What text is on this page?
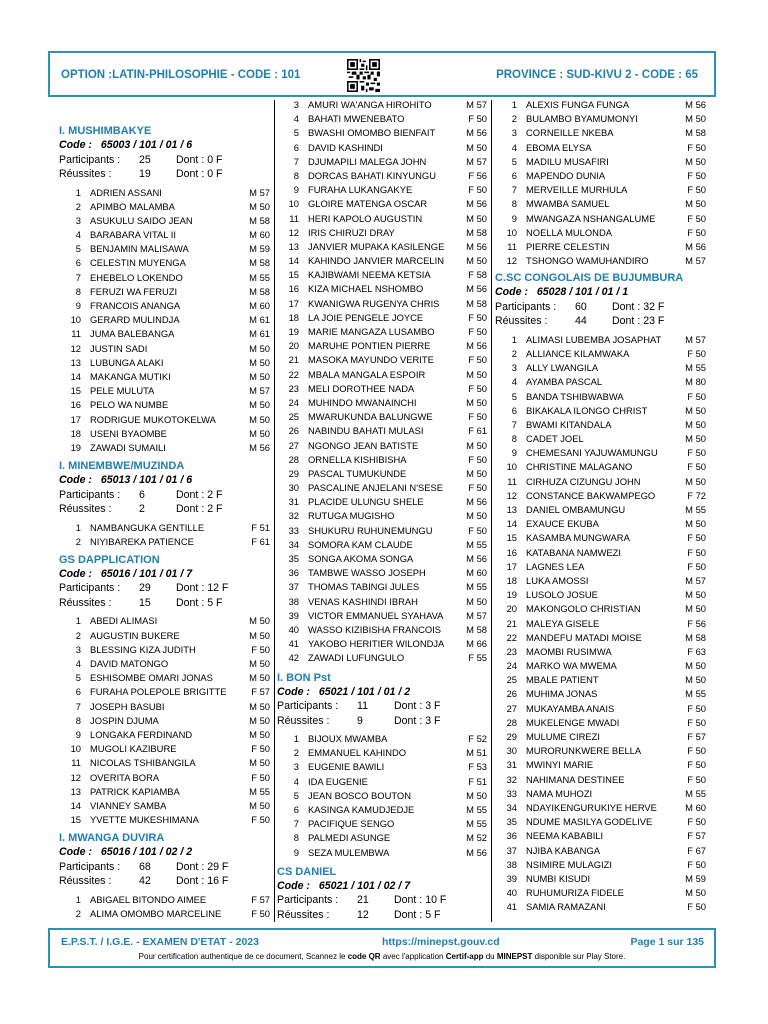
OPTION :LATIN-PHILOSOPHIE - CODE : 101	PROVINCE : SUD-KIVU 2 - CODE : 65
I. MUSHIMBAKYE
Code : 65003 / 101 / 01 / 6
Participants : 25 Dont : 0 F
Réussites :	19 Dont : 0 F
1 ADRIEN ASSANI	M 57
2 APIMBO MALAMBA	M 50
3 ASUKULU SAIDO JEAN	M 58
4 BARABARA VITAL II	M 60
5 BENJAMIN MALISAWA	M 59
6 CELESTIN MUYENGA	M 58
7 EHEBELO LOKENDO	M 55
8 FERUZI WA FERUZI	M 58
9 FRANCOIS ANANGA	M 60
10 GERARD MULINDJA	M 61
11 JUMA BALEBANGA	M 61
12 JUSTIN SADI	M 50
13 LUBUNGA ALAKI	M 50
14 MAKANGA MUTIKI	M 50
15 PELE MULUTA	M 57
16 PELO WA NUMBE	M 50
17 RODRIGUE MUKOTOKELWA	M 50
18 USENI BYAOMBE	M 50
19 ZAWADI SUMAILI	M 56
I. MINEMBWE/MUZINDA
Code : 65013 / 101 / 01 / 6
Participants : 6	Dont : 2 F
Réussites :	2	Dont : 2 F
1 NAMBANGUKA GENTILLE	F 51
2 NIYIBAREKA PATIENCE	F 61
GS DAPPLICATION
Code : 65016 / 101 / 01 / 7
Participants : 29 Dont : 12 F
Réussites :	15 Dont : 5 F
1 ABEDI ALIMASI	M 50
2 AUGUSTIN BUKERE	M 50
3 BLESSING KIZA JUDITH	F 50
4 DAVID MATONGO	M 50
5 ESHISOMBE OMARI JONAS	M 50
6 FURAHA POLEPOLE BRIGITTE	F 57
7 JOSEPH BASUBI	M 50
8 JOSPIN DJUMA	M 50
9 LONGAKA FERDINAND	M 50
10 MUGOLI KAZIBURE	F 50
11 NICOLAS TSHIBANGILA	M 50
12 OVERITA BORA	F 50
13 PATRICK KAPIAMBA	M 55
14 VIANNEY SAMBA	M 50
15 YVETTE MUKESHIMANA	F 50
I. MWANGA DUVIRA
Code : 65016 / 101 / 02 / 2
Participants : 68 Dont : 29 F
Réussites :	42 Dont : 16 F
1 ABIGAEL BITONDO AIMEE	F 57
2 ALIMA OMOMBO MARCELINE	F 50
3 AMURI WA'ANGA HIROHITO	M 57
4 BAHATI MWENEBATO	F 50
5 BWASHI OMOMBO BIENFAIT	M 56
6 DAVID KASHINDI	M 50
7 DJUMAPILI MALEGA JOHN	M 57
8 DORCAS BAHATI KINYUNGU	F 56
9 FURAHA LUKANGAKYE	F 50
10 GLOIRE MATENGA OSCAR	M 56
11 HERI KAPOLO AUGUSTIN	M 50
12 IRIS CHIRUZI DRAY	M 58
13 JANVIER MUPAKA KASILENGE M 56
14 KAHINDO JANVIER MARCELIN M 50
15 KAJIBWAMI NEEMA KETSIA	F 58
16 KIZA MICHAEL NSHOMBO	M 56
17 KWANIGWA RUGENYA CHRIS	M 58
18 LA JOIE PENGELE JOYCE	F 50
19 MARIE MANGAZA LUSAMBO	F 50
20 MARUHE PONTIEN PIERRE	M 56
21 MASOKA MAYUNDO VERITE	F 50
22 MBALA MANGALA ESPOIR	M 50
23 MELI DOROTHEE NADA	F 50
24 MUHINDO MWANAINCHI	M 50
25 MWARUKUNDA BALUNGWE	F 50
26 NABINDU BAHATI MULASI	F 61
27 NGONGO JEAN BATISTE	M 50
28 ORNELLA KISHIBISHA	F 50
29 PASCAL TUMUKUNDE	M 50
30 PASCALINE ANJELANI N'SESE	F 50
31 PLACIDE ULUNGU SHELE	M 56
32 RUTUGA MUGISHO	M 50
33 SHUKURU RUHUNEMUNGU	F 50
34 SOMORA KAM CLAUDE	M 55
35 SONGA AKOMA SONGA	M 56
36 TAMBWE WASSO JOSEPH	M 60
37 THOMAS TABINGI JULES	M 55
38 VENAS KASHINDI IBRAH	M 50
39 VICTOR EMMANUEL SYAHAVA M 57
40 WASSO KIZIBISHA FRANCOIS	M 58
41 YAKOBO HERITIER WILONDJA M 66
42 ZAWADI LUFUNGULO	F 55
I. BON Pst
Code : 65021 / 101 / 01 / 2
Participants : 11 Dont : 3 F
Réussites :	9	Dont : 3 F
1 BIJOUX MWAMBA	F 52
2 EMMANUEL KAHINDO	M 51
3 EUGENIE BAWILI	F 53
4 IDA EUGENIE	F 51
5 JEAN BOSCO BOUTON	M 50
6 KASINGA KAMUDJEDJE	M 55
7 PACIFIQUE SENGO	M 55
8 PALMEDI ASUNGE	M 52
9 SEZA MULEMBWA	M 56
CS DANIEL
Code : 65021 / 101 / 02 / 7
Participants : 21 Dont : 10 F
Réussites :	12 Dont : 5 F
1 ALEXIS FUNGA FUNGA	M 56
2 BULAMBO BYAMUMONYI	M 50
3 CORNEILLE NKEBA	M 58
4 EBOMA ELYSA	F 50
5 MADILU MUSAFIRI	M 50
6 MAPENDO DUNIA	F 50
7 MERVEILLE MURHULA	F 50
8 MWAMBA SAMUEL	M 50
9 MWANGAZA NSHANGALUME	F 50
10 NOELLA MULONDA	F 50
11 PIERRE CELESTIN	M 56
12 TSHONGO WAMUHANDIRO	M 57
C.SC CONGOLAIS DE BUJUMBURA
Code : 65028 / 101 / 01 / 1
Participants : 60 Dont : 32 F
Réussites :	44 Dont : 23 F
1 ALIMASI LUBEMBA JOSAPHAT	M 57
2 ALLIANCE KILAMWAKA	F 50
3 ALLY LWANGILA	M 55
4 AYAMBA PASCAL	M 80
5 BANDA TSHIBWABWA	F 50
6 BIKAKALA ILONGO CHRIST	M 50
7 BWAMI KITANDALA	M 50
8 CADET JOEL	M 50
9 CHEMESANI YAJUWAMUNGU	F 50
10 CHRISTINE MALAGANO	F 50
11 CIRHUZA CIZUNGU JOHN	M 50
12 CONSTANCE BAKWAMPEGO	F 72
13 DANIEL OMBAMUNGU	M 55
14 EXAUCE EKUBA	M 50
15 KASAMBA MUNGWARA	F 50
16 KATABANA NAMWEZI	F 50
17 LAGNES LEA	F 50
18 LUKA AMOSSI	M 57
19 LUSOLO JOSUE	M 50
20 MAKONGOLO CHRISTIAN	M 50
21 MALEYA GISELE	F 56
22 MANDEFU MATADI MOISE	M 58
23 MAOMBI RUSIMWA	F 63
24 MARKO WA MWEMA	M 50
25 MBALE PATIENT	M 50
26 MUHIMA JONAS	M 55
27 MUKAYAMBA ANAIS	F 50
28 MUKELENGE MWADI	F 50
29 MULUME CIREZI	F 57
30 MURORUNKWERE BELLA	F 50
31 MWINYI MARIE	F 50
32 NAHIMANA DESTINEE	F 50
33 NAMA MUHOZI	M 55
34 NDAYIKENGURUKIYE HERVE	M 60
35 NDUME MASILYA GODELIVE	F 50
36 NEEMA KABABILI	F 57
37 NJIBA KABANGA	F 67
38 NSIMIRE MULAGIZI	F 50
39 NUMBI KISUDI	M 59
40 RUHUMURIZA FIDELE	M 50
41 SAMIA RAMAZANI	F 50
E.P.S.T. / I.G.E. - EXAMEN D'ETAT - 2023	https://minepst.gouv.cd	Page 1 sur 135
Pour certification authentique de ce document, Scannez le code QR avec l'application Certif-app du MINEPST disponible sur Play Store.
